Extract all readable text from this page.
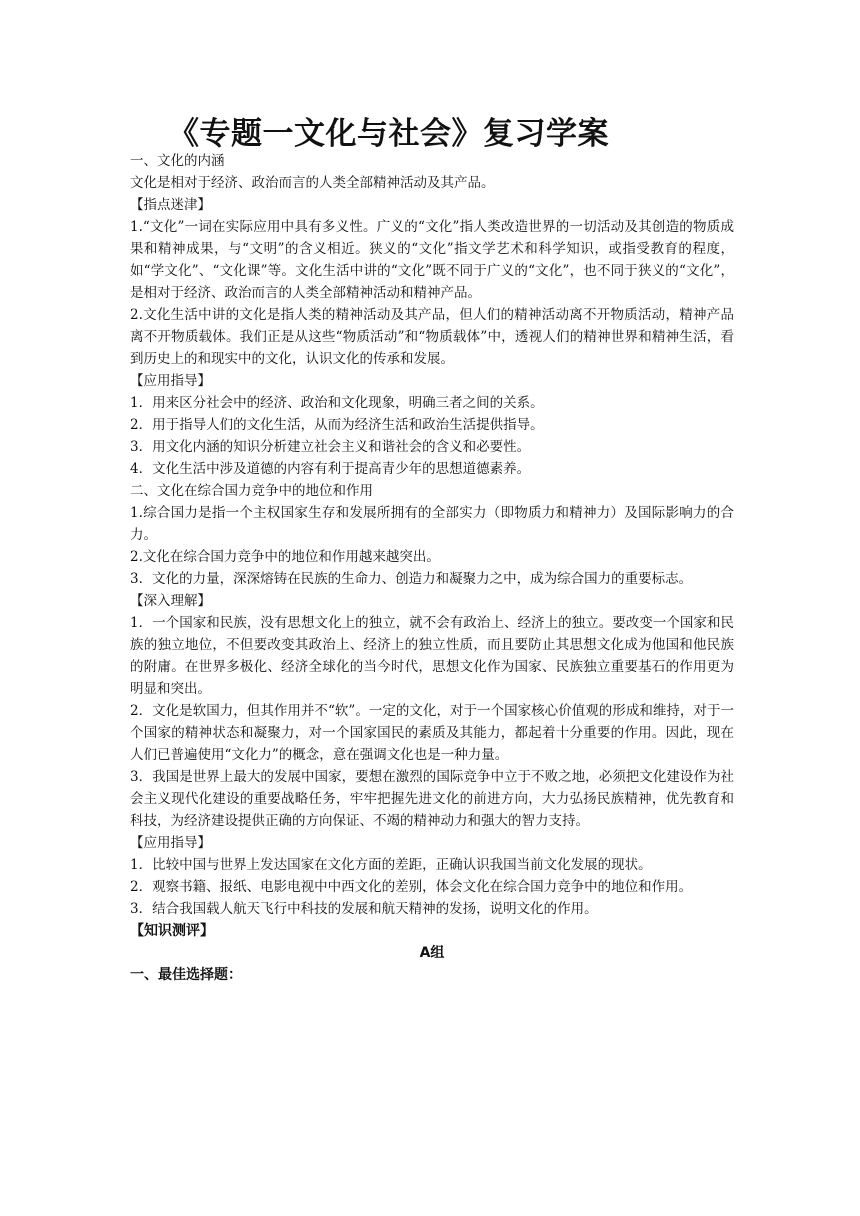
《专题一文化与社会》复习学案

一、文化的内涵

文化是相对于经济、政治而言的人类全部精神活动及其产品。

【指点迷津】

1.“文化”一词在实际应用中具有多义性。广义的“文化”指人类改造世界的一切活动及其创造的物质成果和精神成果，与“文明”的含义相近。狭义的“文化”指文学艺术和科学知识，或指受教育的程度，如“学文化”、“文化课”等。文化生活中讲的“文化”既不同于广义的“文化”，也不同于狭义的“文化”，是相对于经济、政治而言的人类全部精神活动和精神产品。

2.文化生活中讲的文化是指人类的精神活动及其产品，但人们的精神活动离不开物质活动，精神产品离不开物质载体。我们正是从这些“物质活动”和“物质载体”中，透视人们的精神世界和精神生活，看到历史上的和现实中的文化，认识文化的传承和发展。

【应用指导】

1．用来区分社会中的经济、政治和文化现象，明确三者之间的关系。

2．用于指导人们的文化生活，从而为经济生活和政治生活提供指导。

3．用文化内涵的知识分析建立社会主义和谐社会的含义和必要性。

4．文化生活中涉及道德的内容有利于提高青少年的思想道德素养。

二、文化在综合国力竞争中的地位和作用

1.综合国力是指一个主权国家生存和发展所拥有的全部实力（即物质力和精神力）及国际影响力的合力。

2.文化在综合国力竞争中的地位和作用越来越突出。

3．文化的力量，深深熔铸在民族的生命力、创造力和凝聚力之中，成为综合国力的重要标志。

【深入理解】

1．一个国家和民族，没有思想文化上的独立，就不会有政治上、经济上的独立。要改变一个国家和民族的独立地位，不但要改变其政治上、经济上的独立性质，而且要防止其思想文化成为他国和他民族的附庸。在世界多极化、经济全球化的当今时代，思想文化作为国家、民族独立重要基石的作用更为明显和突出。

2．文化是软国力，但其作用并不“软”。一定的文化，对于一个国家核心价值观的形成和维持，对于一个国家的精神状态和凝聚力，对一个国家国民的素质及其能力，都起着十分重要的作用。因此，现在人们已普遍使用“文化力”的概念，意在强调文化也是一种力量。

3．我国是世界上最大的发展中国家，要想在激烈的国际竞争中立于不败之地，必须把文化建设作为社会主义现代化建设的重要战略任务，牢牢把握先进文化的前进方向，大力弘扬民族精神，优先教育和科技，为经济建设提供正确的方向保证、不竭的精神动力和强大的智力支持。

【应用指导】

1．比较中国与世界上发达国家在文化方面的差距，正确认识我国当前文化发展的现状。

2．观察书籍、报纸、电影电视中中西文化的差别，体会文化在综合国力竞争中的地位和作用。

3．结合我国载人航天飞行中科技的发展和航天精神的发扬，说明文化的作用。

【知识测评】

A组

一、最佳选择题：
